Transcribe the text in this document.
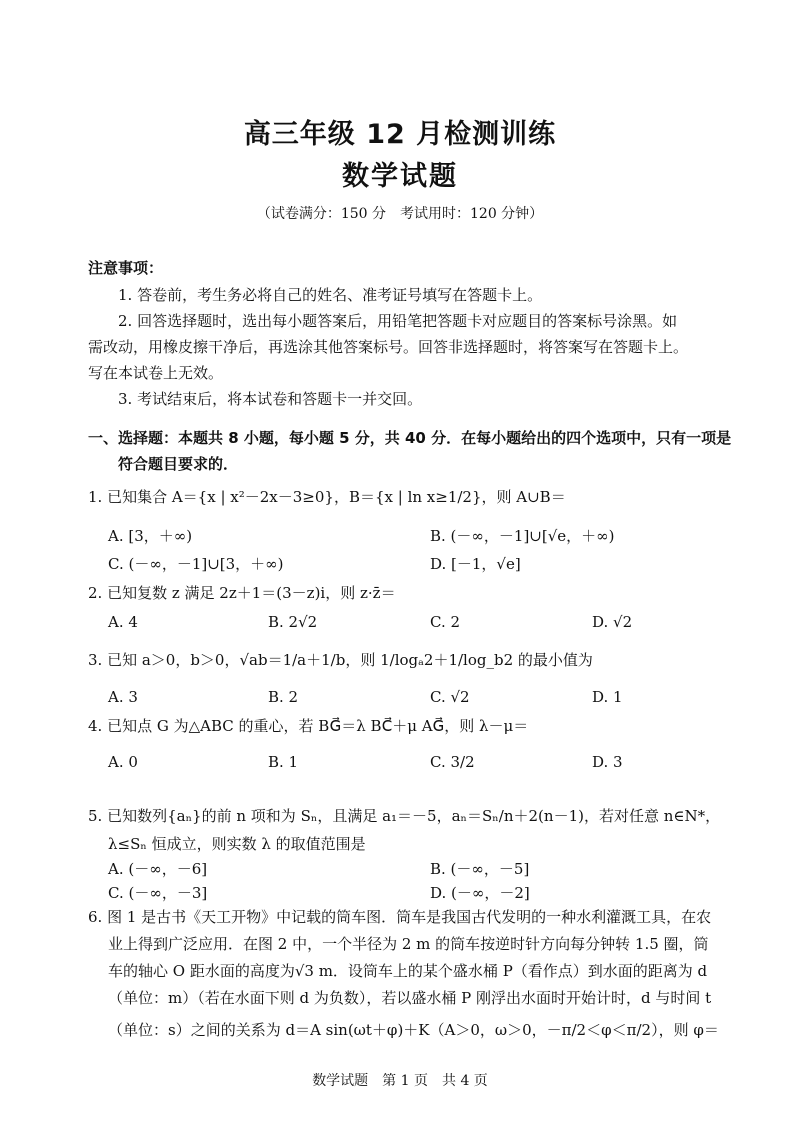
高三年级 12 月检测训练
数学试题
（试卷满分：150 分　考试用时：120 分钟）
注意事项：
1. 答卷前，考生务必将自己的姓名、准考证号填写在答题卡上。
2. 回答选择题时，选出每小题答案后，用铅笔把答题卡对应题目的答案标号涂黑。如
需改动，用橡皮擦干净后，再选涂其他答案标号。回答非选择题时，将答案写在答题卡上。
写在本试卷上无效。
3. 考试结束后，将本试卷和答题卡一并交回。
一、选择题：本题共 8 小题，每小题 5 分，共 40 分．在每小题给出的四个选项中，只有一项是
符合题目要求的．
1. 已知集合 A＝{x | x²－2x－3≥0}，B＝{x | ln x≥1/2}，则 A∪B＝
A. [3，＋∞)	B. (－∞，－1]∪[√e，＋∞)
C. (－∞，－1]∪[3，＋∞)	D. [－1，√e]
2. 已知复数 z 满足 2z＋1＝(3－z)i，则 z·z̄＝
A. 4	B. 2√2	C. 2	D. √2
3. 已知 a＞0，b＞0，√ab＝1/a＋1/b，则 1/logₐ2＋1/log_b2 的最小值为
A. 3	B. 2	C. √2	D. 1
4. 已知点 G 为△ABC 的重心，若 BG⃗＝λ BC⃗＋μ AG⃗，则 λ－μ＝
A. 0	B. 1	C. 3/2	D. 3
5. 已知数列{aₙ}的前 n 项和为 Sₙ，且满足 a₁＝－5，aₙ＝Sₙ/n＋2(n－1)，若对任意 n∈N*，
λ≤Sₙ 恒成立，则实数 λ 的取值范围是
A. (－∞，－6]	B. (－∞，－5]
C. (－∞，－3]	D. (－∞，－2]
6. 图 1 是古书《天工开物》中记载的筒车图．筒车是我国古代发明的一种水利灌溉工具，在农
业上得到广泛应用．在图 2 中，一个半径为 2 m 的筒车按逆时针方向每分钟转 1.5 圈，筒
车的轴心 O 距水面的高度为√3 m．设筒车上的某个盛水桶 P（看作点）到水面的距离为 d
（单位：m）（若在水面下则 d 为负数），若以盛水桶 P 刚浮出水面时开始计时，d 与时间 t
（单位：s）之间的关系为 d＝A sin(ωt＋φ)＋K（A＞0，ω＞0，－π/2＜φ＜π/2），则 φ＝
数学试题　第 1 页　共 4 页
